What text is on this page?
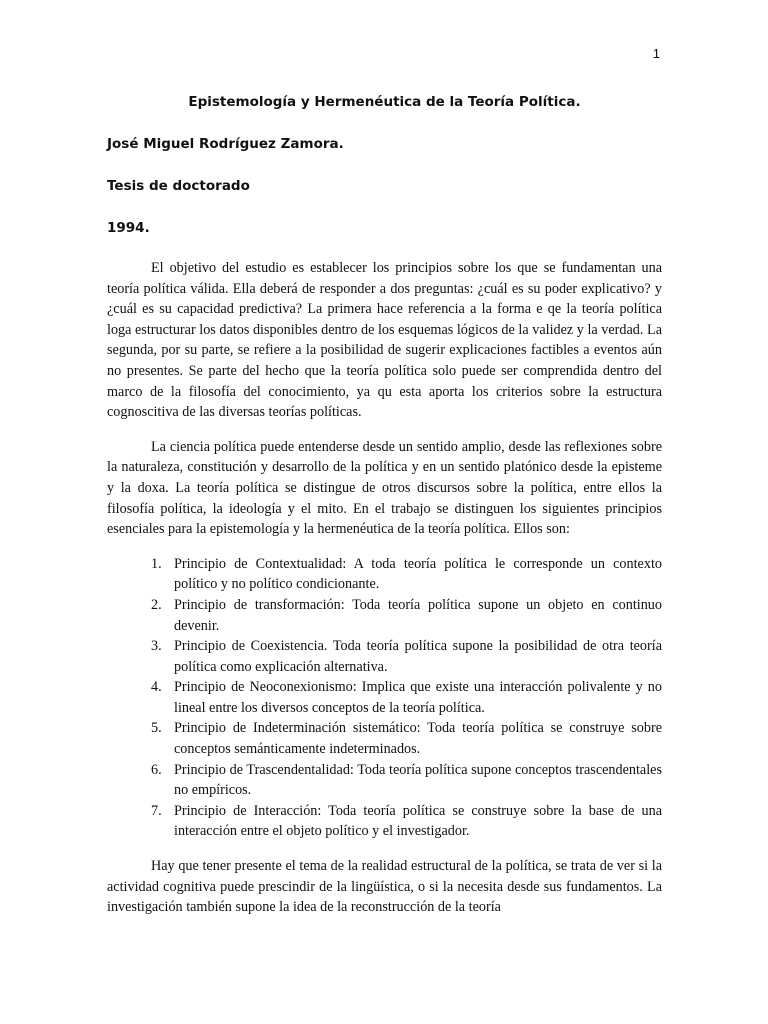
1
Epistemología y Hermenéutica de la Teoría Política.
José Miguel Rodríguez Zamora.
Tesis de doctorado
1994.

El objetivo del estudio es establecer los principios sobre los que se fundamentan una teoría política válida. Ella deberá de responder a dos preguntas: ¿cuál es su poder explicativo? y ¿cuál es su capacidad predictiva? La primera hace referencia a la forma e qe la teoría política loga estructurar los datos disponibles dentro de los esquemas lógicos de la validez y la verdad. La segunda, por su parte, se refiere a la posibilidad de sugerir explicaciones factibles a eventos aún no presentes. Se parte del hecho que la teoría política solo puede ser comprendida dentro del marco de la filosofía del conocimiento, ya qu esta aporta los criterios sobre la estructura cognoscitiva de las diversas teorías políticas.

La ciencia política puede entenderse desde un sentido amplio, desde las reflexiones sobre la naturaleza, constitución y desarrollo de la política y en un sentido platónico desde la episteme y la doxa. La teoría política se distingue de otros discursos sobre la política, entre ellos la filosofía política, la ideología y el mito. En el trabajo se distinguen los siguientes principios esenciales para la epistemología y la hermenéutica de la teoría política. Ellos son:

1. Principio de Contextualidad: A toda teoría política le corresponde un contexto político y no político condicionante.
2. Principio de transformación: Toda teoría política supone un objeto en continuo devenir.
3. Principio de Coexistencia. Toda teoría política supone la posibilidad de otra teoría política como explicación alternativa.
4. Principio de Neoconexionismo: Implica que existe una interacción polivalente y no lineal entre los diversos conceptos de la teoría política.
5. Principio de Indeterminación sistemático: Toda teoría política se construye sobre conceptos semánticamente indeterminados.
6. Principio de Trascendentalidad: Toda teoría política supone conceptos trascendentales no empíricos.
7. Principio de Interacción: Toda teoría política se construye sobre la base de una interacción entre el objeto político y el investigador.

Hay que tener presente el tema de la realidad estructural de la política, se trata de ver si la actividad cognitiva puede prescindir de la lingüística, o si la necesita desde sus fundamentos. La investigación también supone la idea de la reconstrucción de la teoría
